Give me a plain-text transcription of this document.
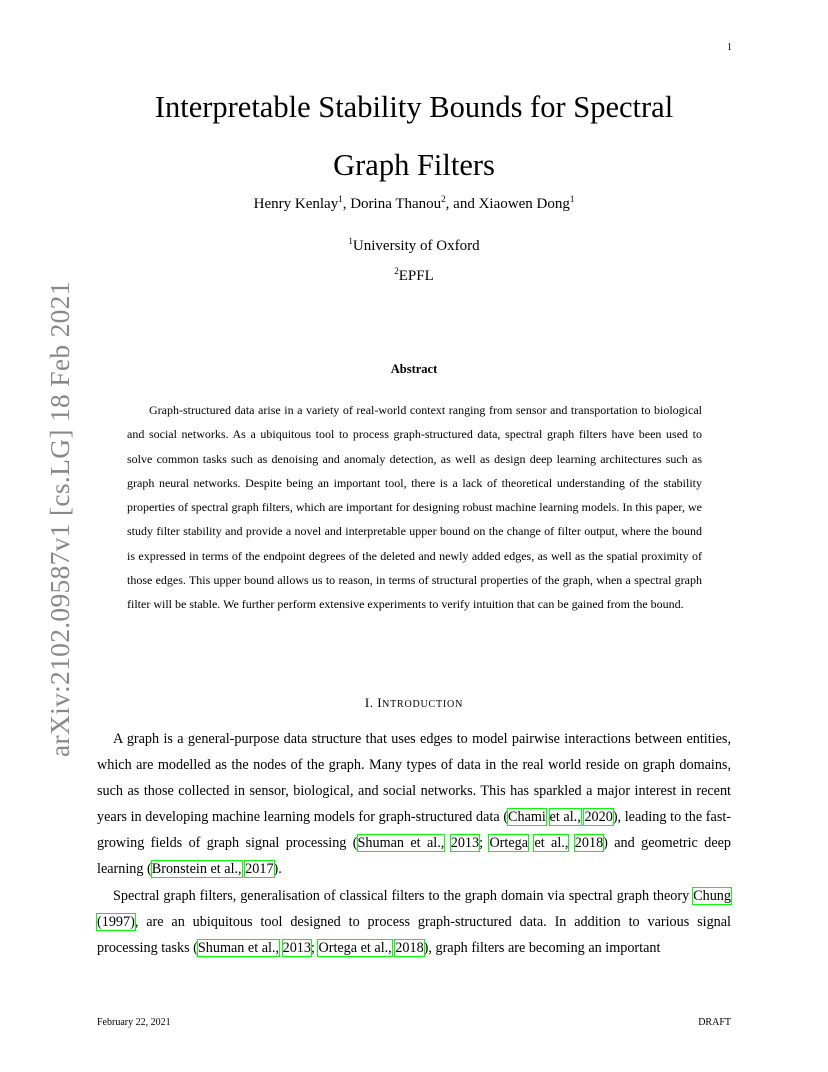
1
arXiv:2102.09587v1 [cs.LG] 18 Feb 2021
Interpretable Stability Bounds for Spectral
Graph Filters
Henry Kenlay$^1$, Dorina Thanou$^2$, and Xiaowen Dong$^1$
$^1$University of Oxford
$^2$EPFL
Abstract

Graph-structured data arise in a variety of real-world context ranging from sensor and transportation to biological and social networks. As a ubiquitous tool to process graph-structured data, spectral graph filters have been used to solve common tasks such as denoising and anomaly detection, as well as design deep learning architectures such as graph neural networks. Despite being an important tool, there is a lack of theoretical understanding of the stability properties of spectral graph filters, which are important for designing robust machine learning models. In this paper, we study filter stability and provide a novel and interpretable upper bound on the change of filter output, where the bound is expressed in terms of the endpoint degrees of the deleted and newly added edges, as well as the spatial proximity of those edges. This upper bound allows us to reason, in terms of structural properties of the graph, when a spectral graph filter will be stable. We further perform extensive experiments to verify intuition that can be gained from the bound.

I. INTRODUCTION

A graph is a general-purpose data structure that uses edges to model pairwise interactions between entities, which are modelled as the nodes of the graph. Many types of data in the real world reside on graph domains, such as those collected in sensor, biological, and social networks. This has sparkled a major interest in recent years in developing machine learning models for graph-structured data (Chami et al., 2020), leading to the fast-growing fields of graph signal processing (Shuman et al., 2013; Ortega et al., 2018) and geometric deep learning (Bronstein et al., 2017).

Spectral graph filters, generalisation of classical filters to the graph domain via spectral graph theory Chung (1997), are an ubiquitous tool designed to process graph-structured data. In addition to various signal processing tasks (Shuman et al., 2013; Ortega et al., 2018), graph filters are becoming an important

February 22, 2021	DRAFT
